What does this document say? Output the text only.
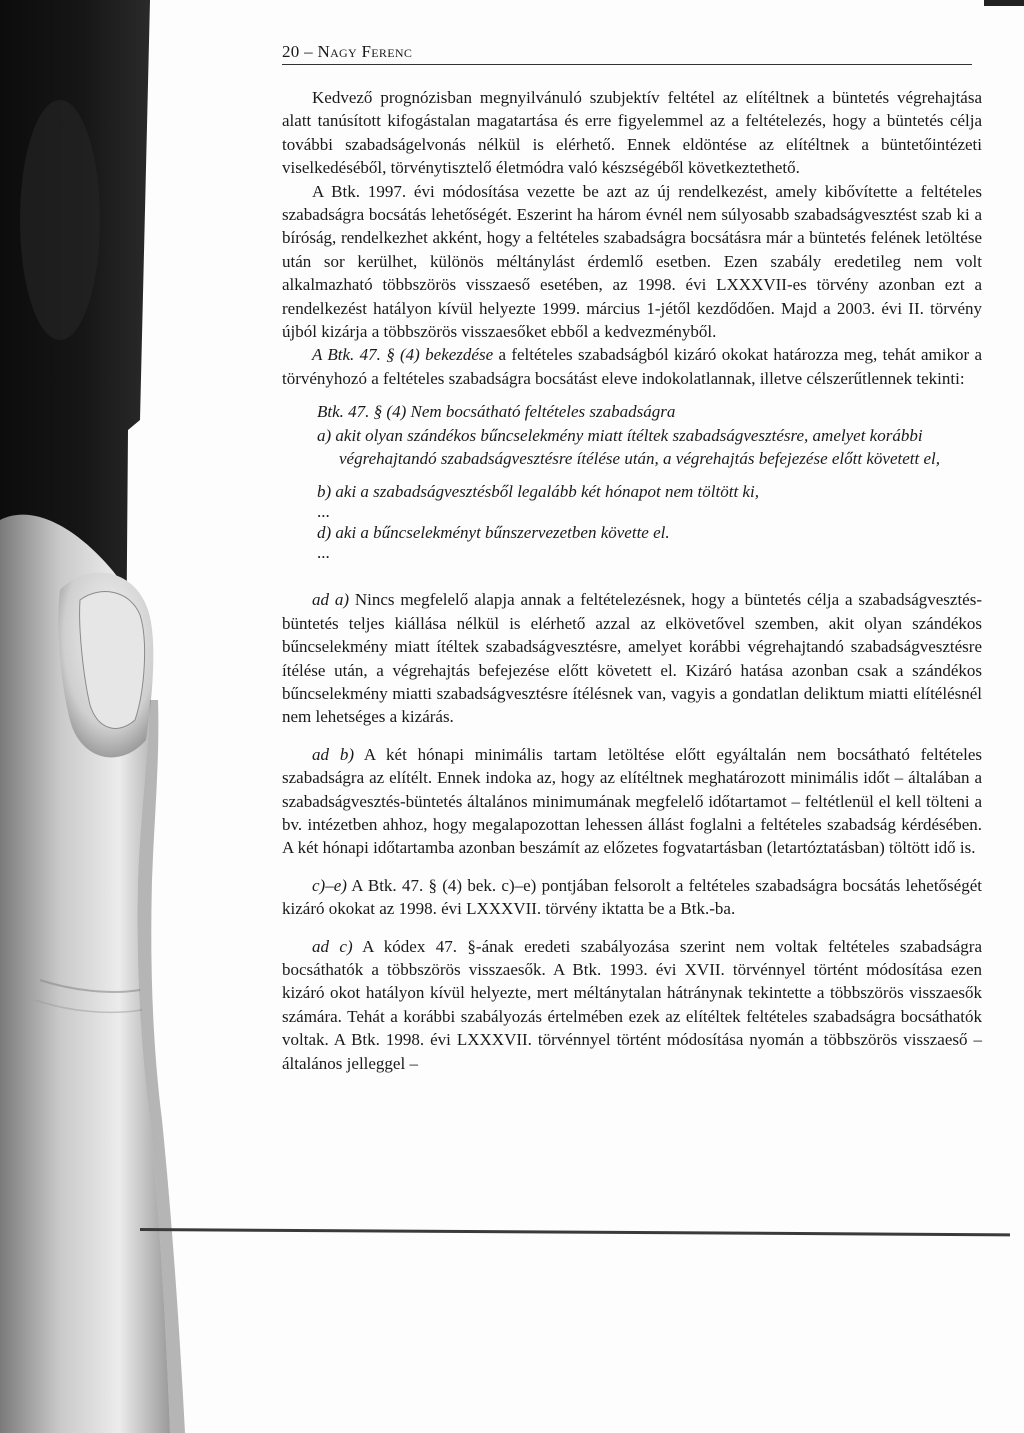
20 – Nagy Ferenc

Kedvező prognózisban megnyilvánuló szubjektív feltétel az elítéltnek a büntetés végrehajtása alatt tanúsított kifogástalan magatartása és erre figyelemmel az a feltételezés, hogy a büntetés célja további szabadságelvonás nélkül is elérhető. Ennek eldöntése az elítéltnek a büntetőintézeti viselkedéséből, törvénytisztelő életmódra való készségéből következtethető.

A Btk. 1997. évi módosítása vezette be azt az új rendelkezést, amely kibővítette a feltételes szabadságra bocsátás lehetőségét. Eszerint ha három évnél nem súlyosabb szabadságvesztést szab ki a bíróság, rendelkezhet akként, hogy a feltételes szabadságra bocsátásra már a büntetés felének letöltése után sor kerülhet, különös méltánylást érdemlő esetben. Ezen szabály eredetileg nem volt alkalmazható többszörös visszaeső esetében, az 1998. évi LXXXVII-es törvény azonban ezt a rendelkezést hatályon kívül helyezte 1999. március 1-jétől kezdődően. Majd a 2003. évi II. törvény újból kizárja a többszörös visszaesőket ebből a kedvezményből.

A Btk. 47. § (4) bekezdése a feltételes szabadságból kizáró okokat határozza meg, tehát amikor a törvényhozó a feltételes szabadságra bocsátást eleve indokolatlannak, illetve célszerűtlennek tekinti:

Btk. 47. § (4) Nem bocsátható feltételes szabadságra
a) akit olyan szándékos bűncselekmény miatt ítéltek szabadságvesztésre, amelyet korábbi végrehajtandó szabadságvesztésre ítélése után, a végrehajtás befejezése előtt követett el,
b) aki a szabadságvesztésből legalább két hónapot nem töltött ki,
...
d) aki a bűncselekményt bűnszervezetben követte el.
...

ad a) Nincs megfelelő alapja annak a feltételezésnek, hogy a büntetés célja a szabadságvesztés-büntetés teljes kiállása nélkül is elérhető azzal az elkövetővel szemben, akit olyan szándékos bűncselekmény miatt ítéltek szabadságvesztésre, amelyet korábbi végrehajtandó szabadságvesztésre ítélése után, a végrehajtás befejezése előtt követett el. Kizáró hatása azonban csak a szándékos bűncselekmény miatti szabadságvesztésre ítélésnek van, vagyis a gondatlan deliktum miatti elítélésnél nem lehetséges a kizárás.

ad b) A két hónapi minimális tartam letöltése előtt egyáltalán nem bocsátható feltételes szabadságra az elítélt. Ennek indoka az, hogy az elítéltnek meghatározott minimális időt – általában a szabadságvesztés-büntetés általános minimumának megfelelő időtartamot – feltétlenül el kell tölteni a bv. intézetben ahhoz, hogy megalapozottan lehessen állást foglalni a feltételes szabadság kérdésében. A két hónapi időtartamba azonban beszámít az előzetes fogvatartásban (letartóztatásban) töltött idő is.

c)–e) A Btk. 47. § (4) bek. c)–e) pontjában felsorolt a feltételes szabadságra bocsátás lehetőségét kizáró okokat az 1998. évi LXXXVII. törvény iktatta be a Btk.-ba.

ad c) A kódex 47. §-ának eredeti szabályozása szerint nem voltak feltételes szabadságra bocsáthatók a többszörös visszaesők. A Btk. 1993. évi XVII. törvénnyel történt módosítása ezen kizáró okot hatályon kívül helyezte, mert méltánytalan hátránynak tekintette a többszörös visszaesők számára. Tehát a korábbi szabályozás értelmében ezek az elítéltek feltételes szabadságra bocsáthatók voltak. A Btk. 1998. évi LXXXVII. törvénnyel történt módosítása nyomán a többszörös visszaeső – általános jelleggel –
